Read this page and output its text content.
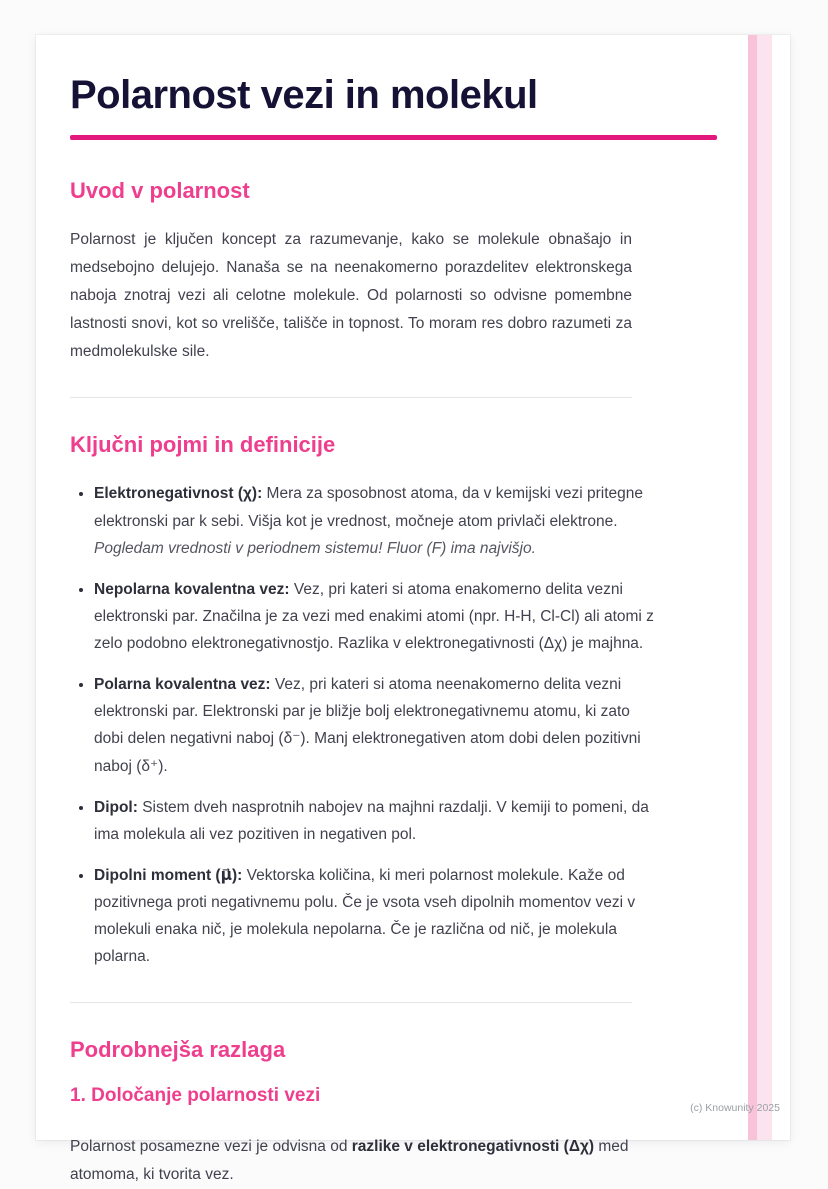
Polarnost vezi in molekul
Uvod v polarnost

Polarnost je ključen koncept za razumevanje, kako se molekule obnašajo in medsebojno delujejo. Nanaša se na neenakomerno porazdelitev elektronskega naboja znotraj vezi ali celotne molekule. Od polarnosti so odvisne pomembne lastnosti snovi, kot so vrelišče, tališče in topnost. To moram res dobro razumeti za medmolekulske sile.

Ključni pojmi in definicije
• Elektronegativnost (χ): Mera za sposobnost atoma, da v kemijski vezi pritegne elektronski par k sebi. Višja kot je vrednost, močneje atom privlači elektrone. Pogledam vrednosti v periodnem sistemu! Fluor (F) ima najvišjo.
• Nepolarna kovalentna vez: Vez, pri kateri si atoma enakomerno delita vezni elektronski par. Značilna je za vezi med enakimi atomi (npr. H-H, Cl-Cl) ali atomi z zelo podobno elektronegativnostjo. Razlika v elektronegativnosti (Δχ) je majhna.
• Polarna kovalentna vez: Vez, pri kateri si atoma neenakomerno delita vezni elektronski par. Elektronski par je bližje bolj elektronegativnemu atomu, ki zato dobi delen negativni naboj (δ⁻). Manj elektronegativen atom dobi delen pozitivni naboj (δ⁺).
• Dipol: Sistem dveh nasprotnih nabojev na majhni razdalji. V kemiji to pomeni, da ima molekula ali vez pozitiven in negativen pol.
• Dipolni moment (μ⃗): Vektorska količina, ki meri polarnost molekule. Kaže od pozitivnega proti negativnemu polu. Če je vsota vseh dipolnih momentov vezi v molekuli enaka nič, je molekula nepolarna. Če je različna od nič, je molekula polarna.
Podrobnejša razlaga
1. Določanje polarnosti vezi

Polarnost posamezne vezi je odvisna od razlike v elektronegativnosti (Δχ) med atomoma, ki tvorita vez.

(c) Knowunity 2025
